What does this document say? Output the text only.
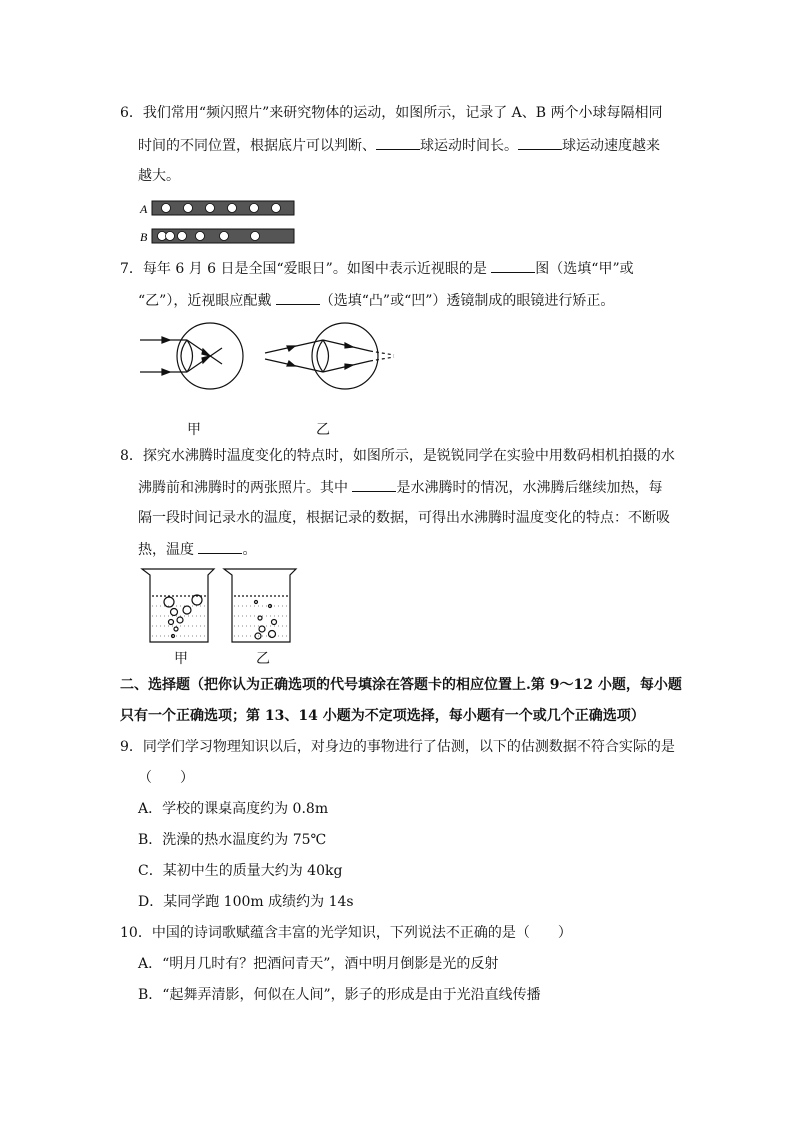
6．我们常用“频闪照片”来研究物体的运动，如图所示，记录了 A、B 两个小球每隔相同
时间的不同位置，根据底片可以判断、	球运动时间长。	球运动速度越来
越大。
A
B
7．每年 6 月 6 日是全国“爱眼日”。如图中表示近视眼的是	图（选填“甲”或
“乙”），近视眼应配戴	（选填“凸”或“凹”）透镜制成的眼镜进行矫正。
甲	乙
8．探究水沸腾时温度变化的特点时，如图所示，是锐锐同学在实验中用数码相机拍摄的水
沸腾前和沸腾时的两张照片。其中	是水沸腾时的情况，水沸腾后继续加热，每
隔一段时间记录水的温度，根据记录的数据，可得出水沸腾时温度变化的特点：不断吸
热，温度	。
甲	乙
二、选择题（把你认为正确选项的代号填涂在答题卡的相应位置上.第 9～12 小题，每小题
只有一个正确选项；第 13、14 小题为不定项选择，每小题有一个或几个正确选项）
9．同学们学习物理知识以后，对身边的事物进行了估测，以下的估测数据不符合实际的是
（　　）
A．学校的课桌高度约为 0.8m
B．洗澡的热水温度约为 75℃
C．某初中生的质量大约为 40kg
D．某同学跑 100m 成绩约为 14s
10．中国的诗词歌赋蕴含丰富的光学知识，下列说法不正确的是（　　）
A．“明月几时有？把酒问青天”，酒中明月倒影是光的反射
B．“起舞弄清影，何似在人间”，影子的形成是由于光沿直线传播
